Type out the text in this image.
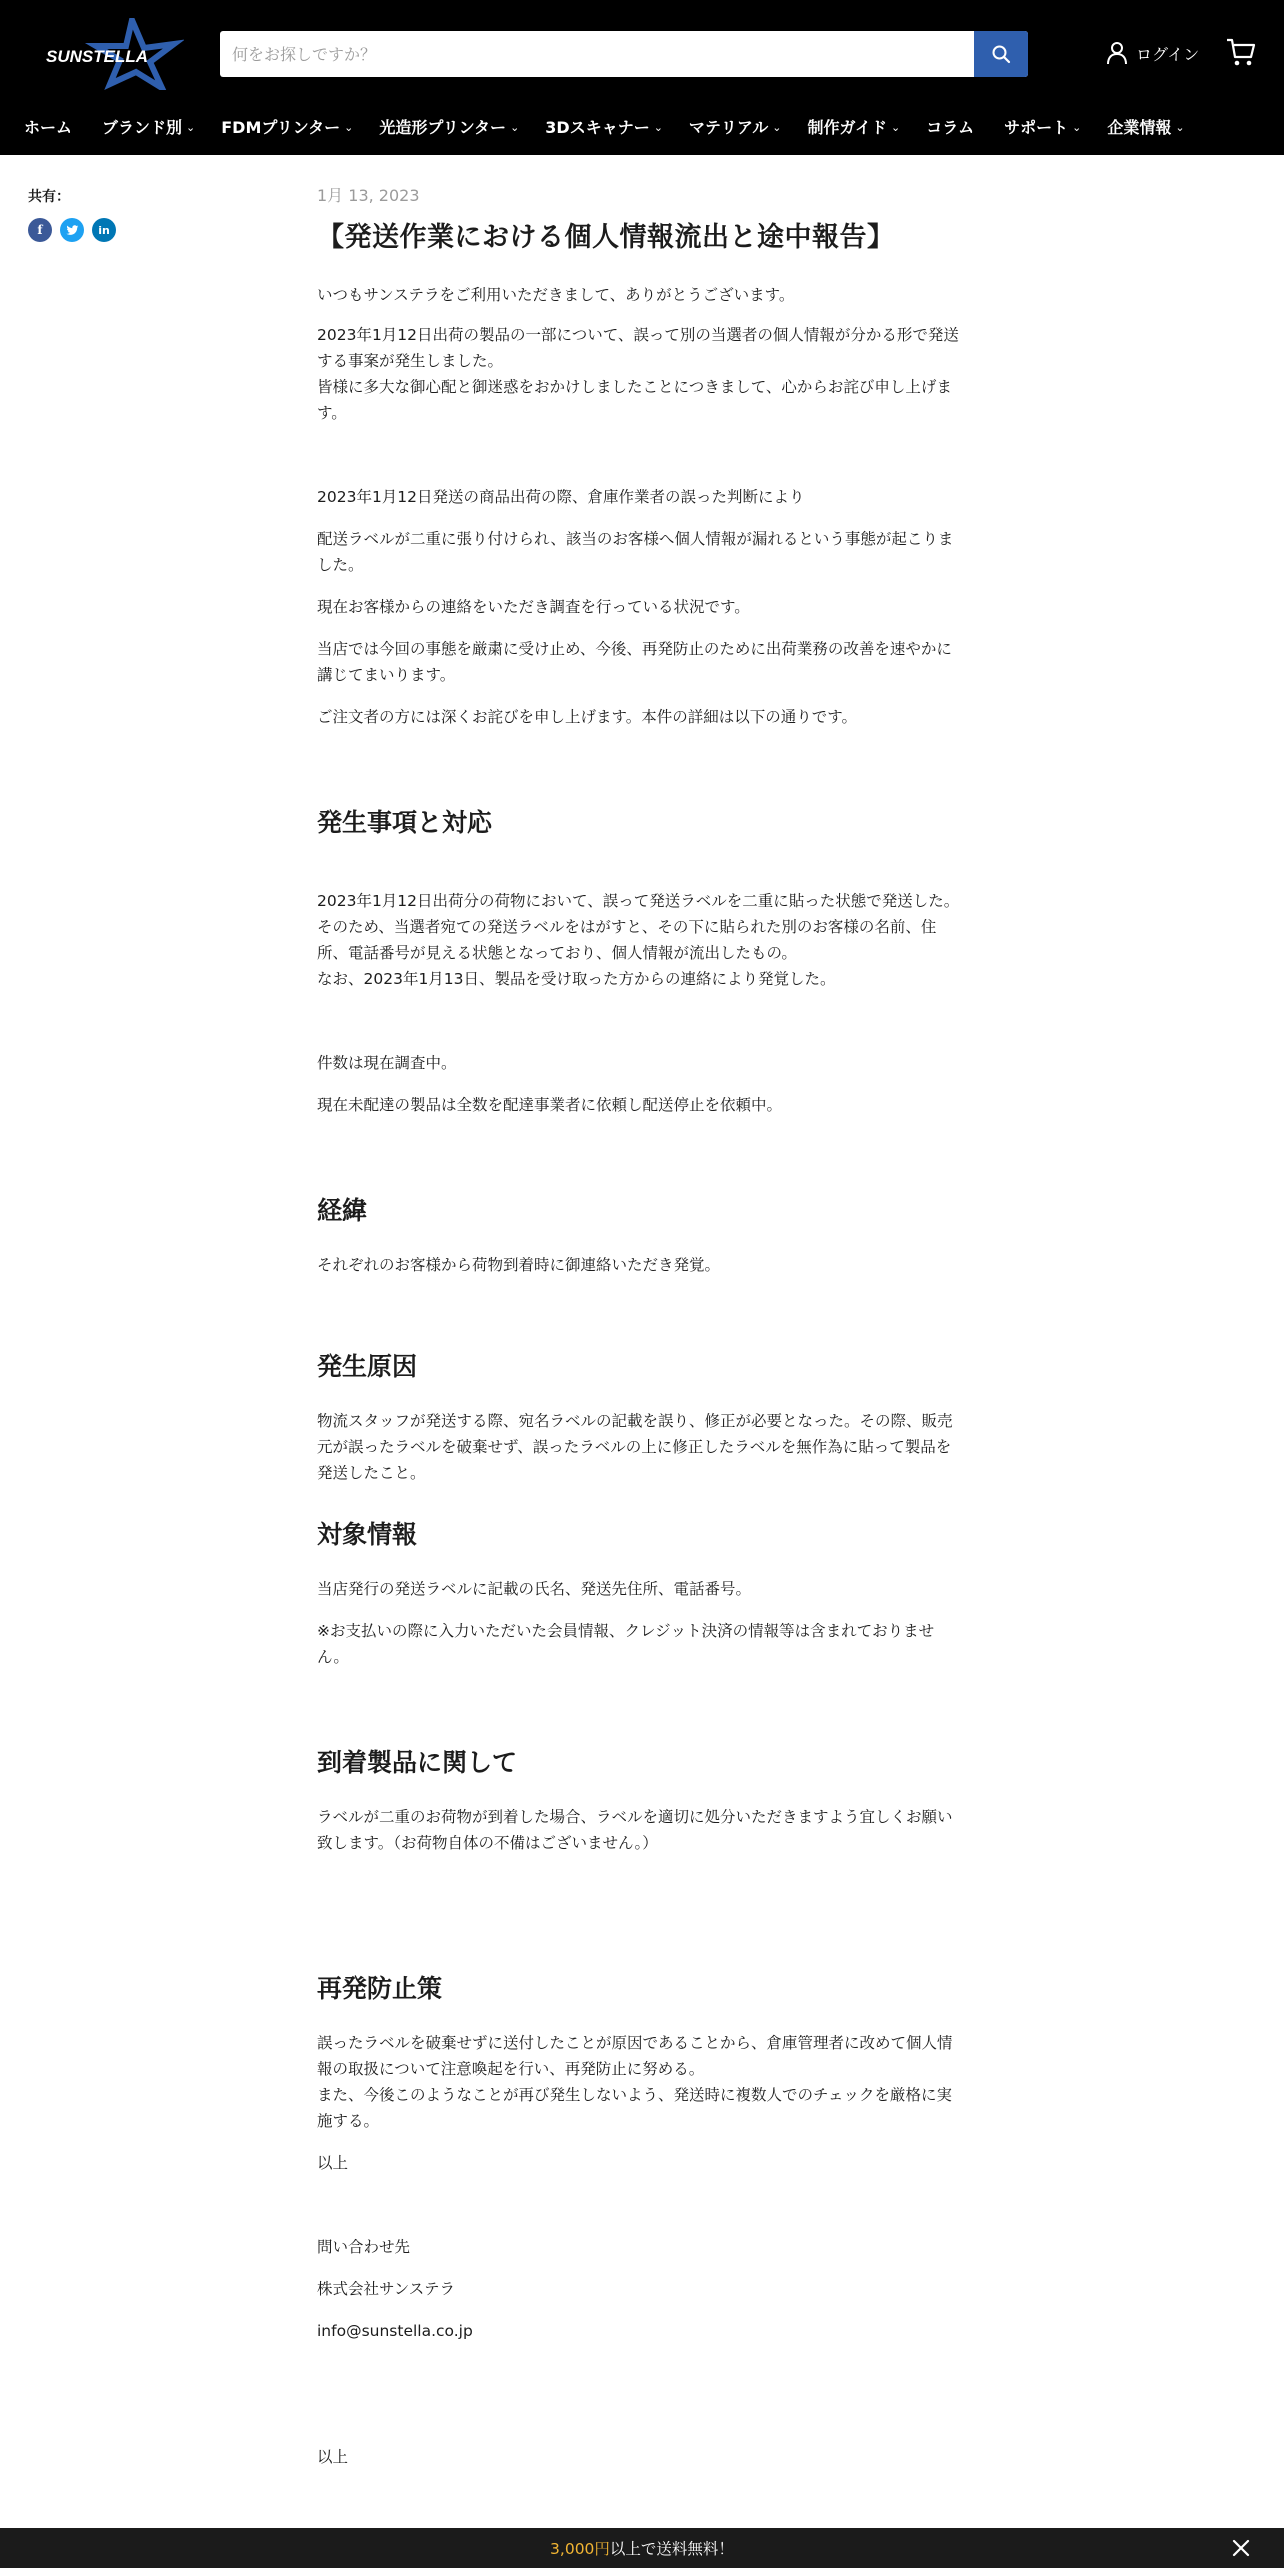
SUNSTELLA
何をお探しですか？	ログイン
ホーム ブランド別 ⌄ FDMプリンター ⌄ 光造形プリンター ⌄ 3Dスキャナー ⌄ マテリアル ⌄ 制作ガイド ⌄ コラム サポート ⌄ 企業情報 ⌄
共有：
f	in
1月 13, 2023
【発送作業における個人情報流出と途中報告】

いつもサンステラをご利用いただきまして、ありがとうございます。

2023年1月12日出荷の製品の一部について、誤って別の当選者の個人情報が分かる形で発送する事案が発生しました。

皆様に多大な御心配と御迷惑をおかけしましたことにつきまして、心からお詫び申し上げます。

2023年1月12日発送の商品出荷の際、倉庫作業者の誤った判断により

配送ラベルが二重に張り付けられ、該当のお客様へ個人情報が漏れるという事態が起こりました。

現在お客様からの連絡をいただき調査を行っている状況です。

当店では今回の事態を厳粛に受け止め、今後、再発防止のために出荷業務の改善を速やかに講じてまいります。

ご注文者の方には深くお詫びを申し上げます。本件の詳細は以下の通りです。

発生事項と対応

2023年1月12日出荷分の荷物において、誤って発送ラベルを二重に貼った状態で発送した。そのため、当選者宛ての発送ラベルをはがすと、その下に貼られた別のお客様の名前、住所、電話番号が見える状態となっており、個人情報が流出したもの。

なお、2023年1月13日、製品を受け取った方からの連絡により発覚した。

件数は現在調査中。

現在未配達の製品は全数を配達事業者に依頼し配送停止を依頼中。

経緯

それぞれのお客様から荷物到着時に御連絡いただき発覚。

発生原因

物流スタッフが発送する際、宛名ラベルの記載を誤り、修正が必要となった。その際、販売元が誤ったラベルを破棄せず、誤ったラベルの上に修正したラベルを無作為に貼って製品を発送したこと。

対象情報

当店発行の発送ラベルに記載の氏名、発送先住所、電話番号。

※お支払いの際に入力いただいた会員情報、クレジット決済の情報等は含まれておりません。

到着製品に関して

ラベルが二重のお荷物が到着した場合、ラベルを適切に処分いただきますよう宜しくお願い致します。（お荷物自体の不備はございません。）

再発防止策

誤ったラベルを破棄せずに送付したことが原因であることから、倉庫管理者に改めて個人情報の取扱について注意喚起を行い、再発防止に努める。

また、今後このようなことが再び発生しないよう、発送時に複数人でのチェックを厳格に実施する。

以上

問い合わせ先

株式会社サンステラ

info@sunstella.co.jp

以上

3,000円 以上で送料無料！
